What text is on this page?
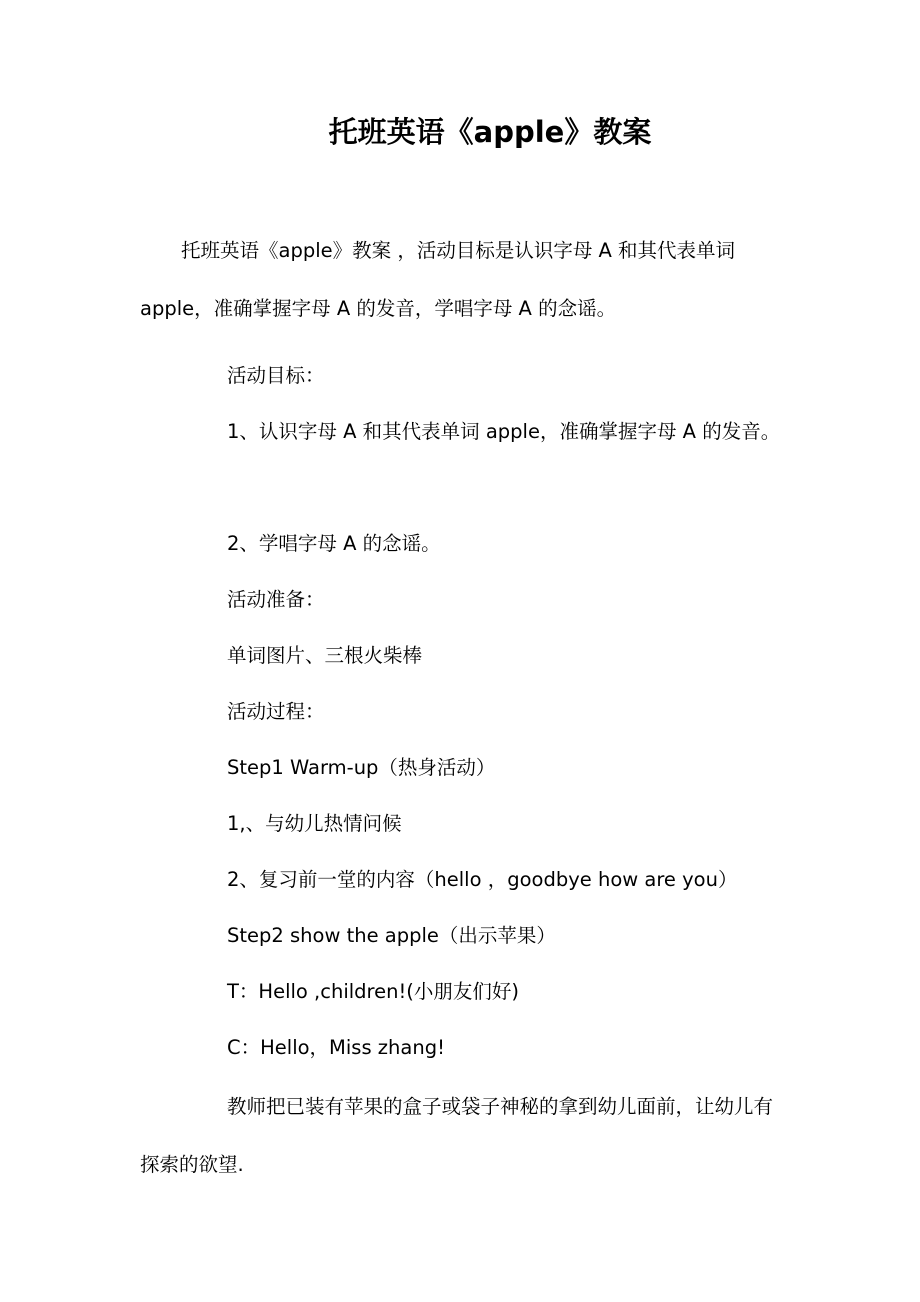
托班英语《apple》教案

托班英语《apple》教案 ，活动目标是认识字母 A 和其代表单词 apple，准确掌握字母 A 的发音，学唱字母 A 的念谣。

活动目标：

1、认识字母 A 和其代表单词 apple，准确掌握字母 A 的发音。

2、学唱字母 A 的念谣。
活动准备：
单词图片、三根火柴棒
活动过程：
Step1 Warm-up（热身活动）
1,、与幼儿热情问候
2、复习前一堂的内容（hello ，goodbye how are you）
Step2 show the apple（出示苹果）
T：Hello ,children!(小朋友们好)
C：Hello，Miss zhang!

教师把已装有苹果的盒子或袋子神秘的拿到幼儿面前，让幼儿有探索的欲望.
